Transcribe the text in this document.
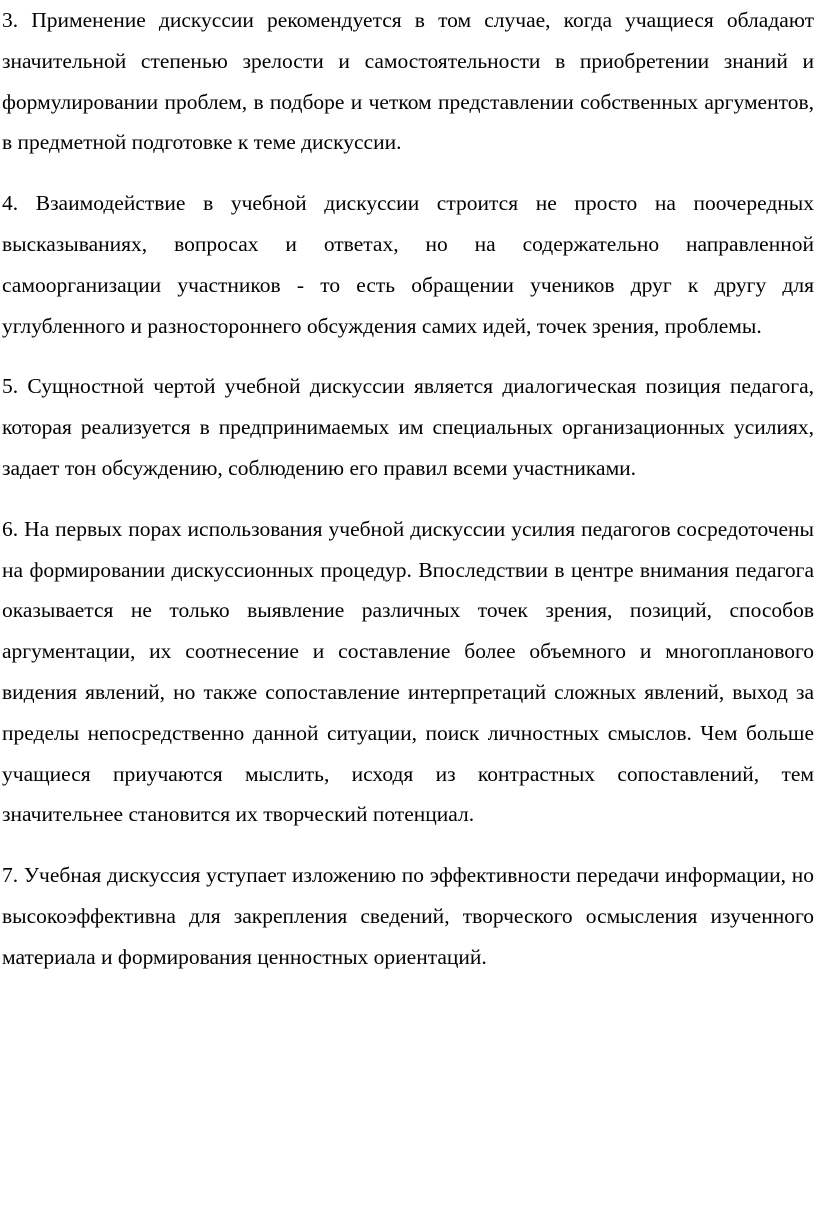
3. Применение дискуссии рекомендуется в том случае, когда учащиеся обладают значительной степенью зрелости и самостоятельности в приобретении знаний и формулировании проблем, в подборе и четком представлении собственных аргументов, в предметной подготовке к теме дискуссии.

4. Взаимодействие в учебной дискуссии строится не просто на поочередных высказываниях, вопросах и ответах, но на содержательно направленной самоорганизации участников - то есть обращении учеников друг к другу для углубленного и разностороннего обсуждения самих идей, точек зрения, проблемы.

5. Сущностной чертой учебной дискуссии является диалогическая позиция педагога, которая реализуется в предпринимаемых им специальных организационных усилиях, задает тон обсуждению, соблюдению его правил всеми участниками.

6. На первых порах использования учебной дискуссии усилия педагогов сосредоточены на формировании дискуссионных процедур. Впоследствии в центре внимания педагога оказывается не только выявление различных точек зрения, позиций, способов аргументации, их соотнесение и составление более объемного и многопланового видения явлений, но также сопоставление интерпретаций сложных явлений, выход за пределы непосредственно данной ситуации, поиск личностных смыслов. Чем больше учащиеся приучаются мыслить, исходя из контрастных сопоставлений, тем значительнее становится их творческий потенциал.

7. Учебная дискуссия уступает изложению по эффективности передачи информации, но высокоэффективна для закрепления сведений, творческого осмысления изученного материала и формирования ценностных ориентаций.
